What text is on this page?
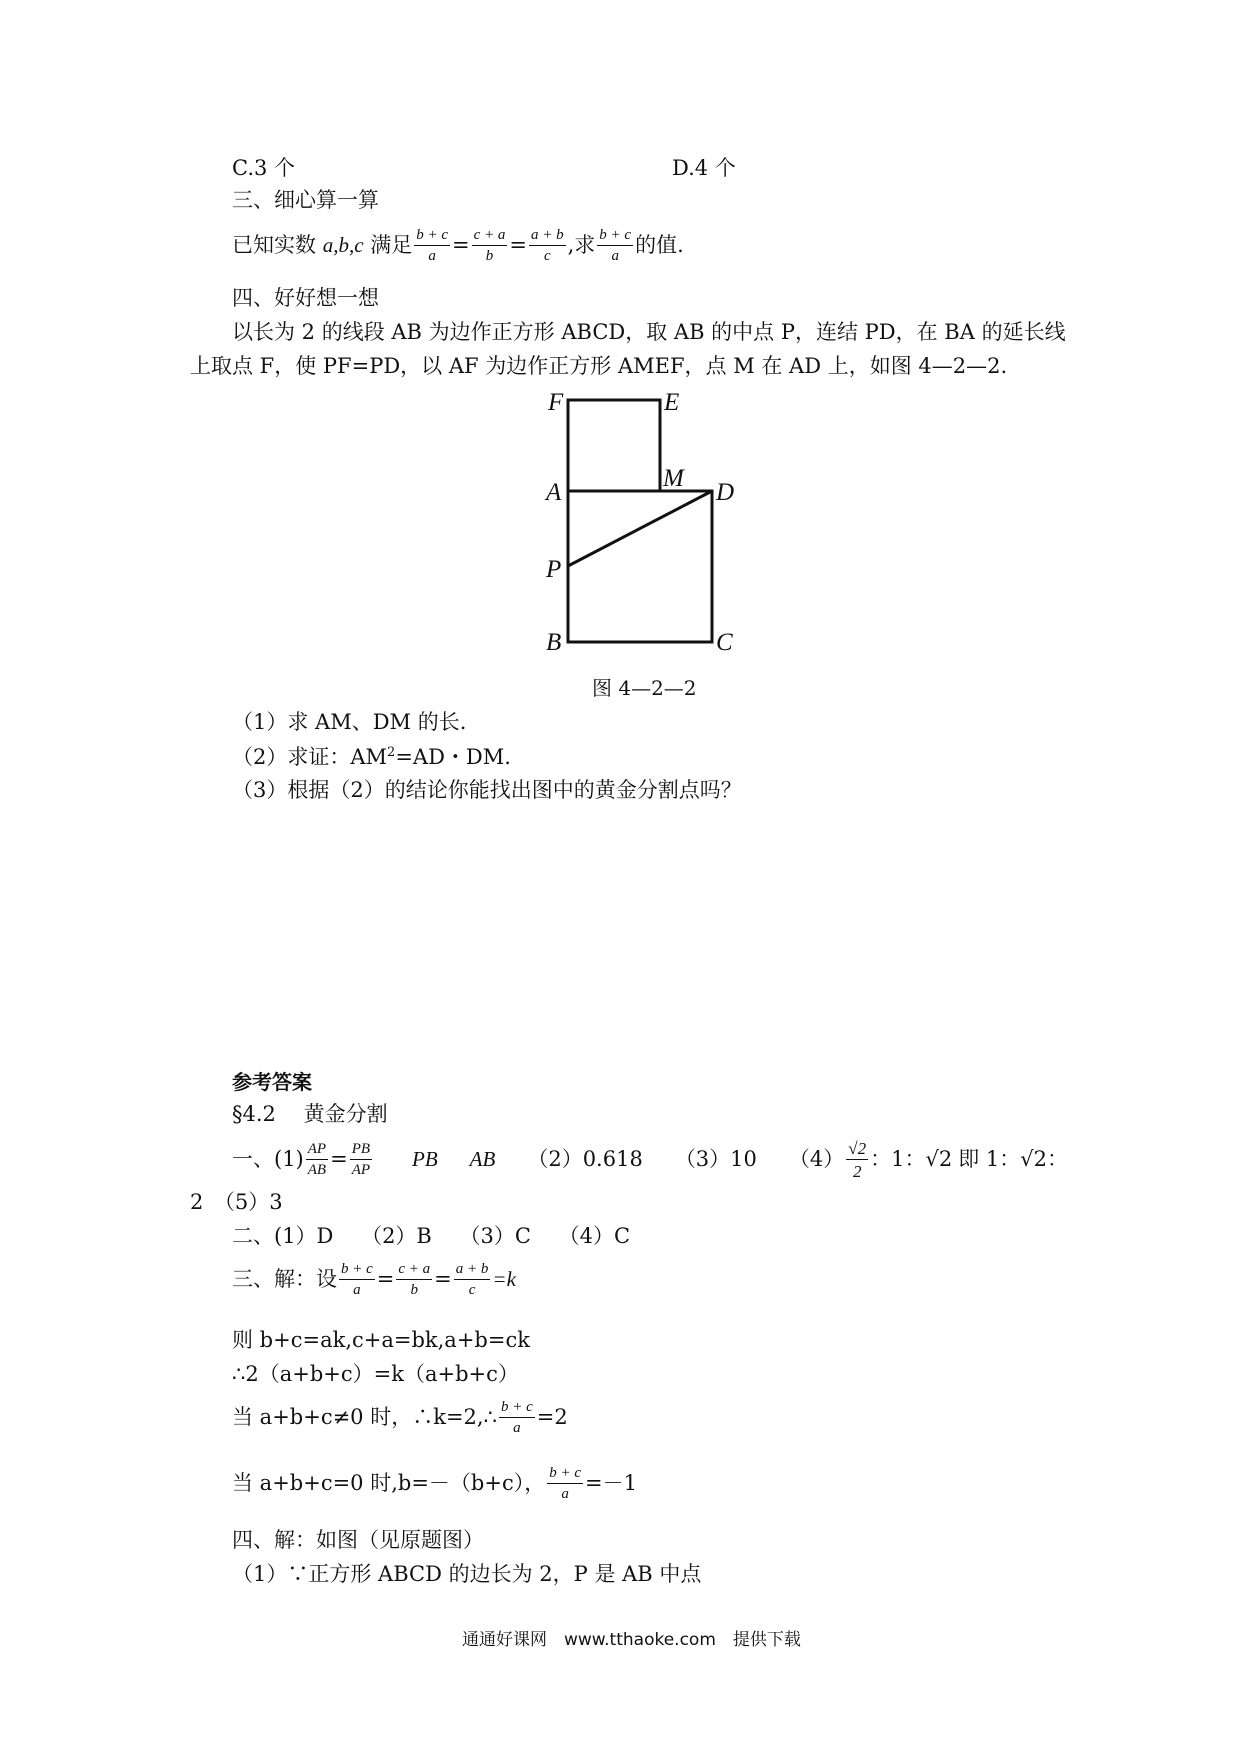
C.3 个	D.4 个
三、细心算一算
已知实数
a,b,c
满足 $\frac{b + c}{a} = \frac{c + a}{b} = \frac{a + b}{c}$ ,求 $\frac{b + c}{a}$ 的值.
四、好好想一想
以长为 2 的线段 AB 为边作正方形 ABCD，取 AB 的中点 P，连结 PD，在 BA 的延长线
上取点 F，使 PF=PD，以 AF 为边作正方形 AMEF，点 M 在 AD 上，如图 4—2—2.
F	E
A
M
D
P
B	C
图 4—2—2
（1）求 AM、DM 的长.
（2）求证：$AM^2=AD$・DM.
（3）根据（2）的结论你能找出图中的黄金分割点吗？
参考答案
§4.2　 黄金分割
一、$(1) \frac{AP}{AB} = \frac{PB}{AP}$ PB AB （2）0.618 （3）10 $(4) \frac{√2}{2}$ ：1： √2 即 1： √2 ：
2　（5）3
二、(1）D　 （2）B　 （3）C　 （4）C
三、解：设 $\frac{b + c}{a} = \frac{c + a}{b} = \frac{a + b}{c} =k$
则 b+c=ak,c+a=bk,a+b=ck
∴2（a+b+c）=k（a+b+c）
当 a+b+c≠0 时，∴k=2,∴ $\frac{b + c}{a} =2$
当 a+b+c=0 时,b=－（b+c）， $\frac{b + c}{a} =-1$
四、解：如图（见原题图）
（1）∵正方形 ABCD 的边长为 2，P 是 AB 中点
通通好课网　www.tthaoke.com　提供下载
